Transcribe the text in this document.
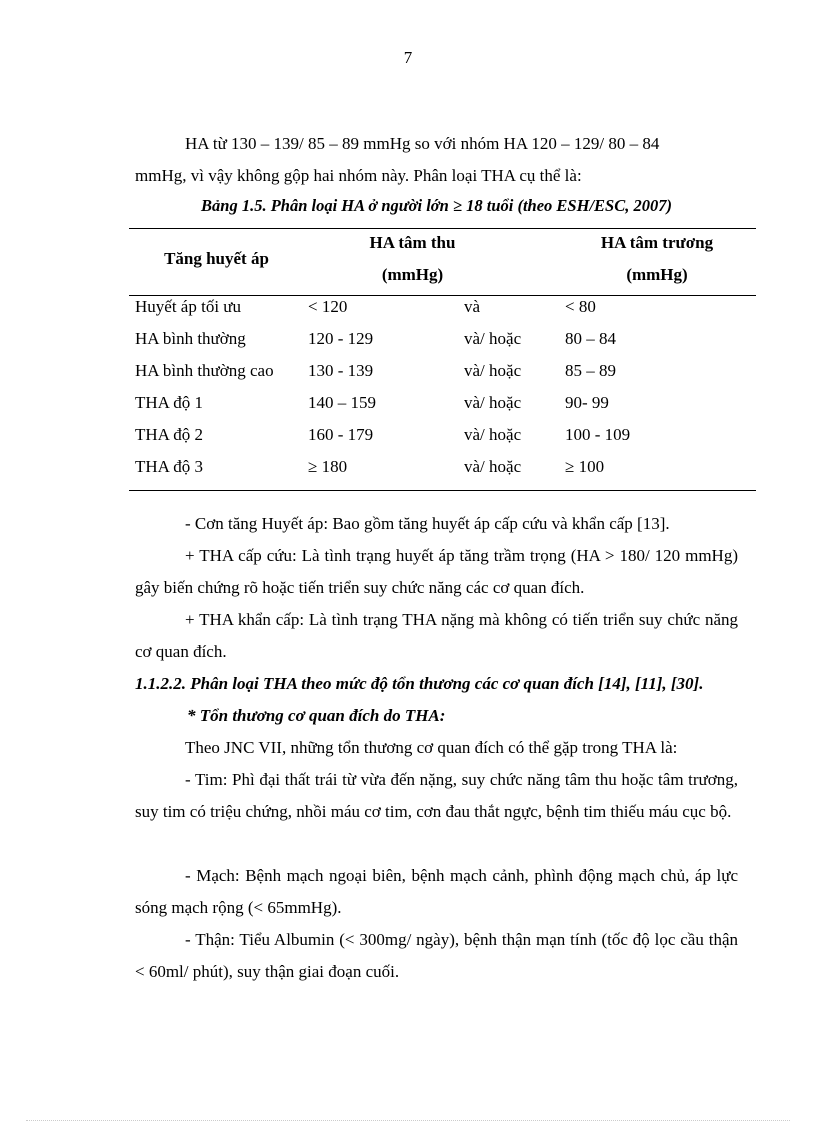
7

HA từ 130 – 139/ 85 – 89 mmHg so với nhóm HA 120 – 129/ 80 – 84

mmHg, vì vậy không gộp hai nhóm này. Phân loại THA cụ thể là:

Bảng 1.5. Phân loại HA ở người lớn ≥ 18 tuổi (theo ESH/ESC, 2007)
Tăng huyết áp
HA tâm thu
(mmHg)
HA tâm trương
(mmHg)
Huyết áp tối ưu	< 120	và	< 80
HA bình thường	120 - 129	và/ hoặc	80 – 84
HA bình thường cao 130 - 139	và/ hoặc	85 – 89
THA độ 1	140 – 159	và/ hoặc	90- 99
THA độ 2	160 - 179	và/ hoặc	100 - 109
THA độ 3	≥ 180	và/ hoặc	≥ 100

- Cơn tăng Huyết áp: Bao gồm tăng huyết áp cấp cứu và khẩn cấp [13].

+ THA cấp cứu: Là tình trạng huyết áp tăng trầm trọng (HA > 180/ 120 mmHg) gây biến chứng rõ hoặc tiến triển suy chức năng các cơ quan đích.

+ THA khẩn cấp: Là tình trạng THA nặng mà không có tiến triển suy chức năng cơ quan đích.

1.1.2.2. Phân loại THA theo mức độ tổn thương các cơ quan đích [14], [11], [30].
* Tổn thương cơ quan đích do THA:

Theo JNC VII, những tổn thương cơ quan đích có thể gặp trong THA là:

- Tim: Phì đại thất trái từ vừa đến nặng, suy chức năng tâm thu hoặc tâm trương, suy tim có triệu chứng, nhồi máu cơ tim, cơn đau thắt ngực, bệnh tim thiếu máu cục bộ.

- Mạch: Bệnh mạch ngoại biên, bệnh mạch cảnh, phình động mạch chủ, áp lực sóng mạch rộng (< 65mmHg).

- Thận: Tiểu Albumin (< 300mg/ ngày), bệnh thận mạn tính (tốc độ lọc cầu thận < 60ml/ phút), suy thận giai đoạn cuối.
